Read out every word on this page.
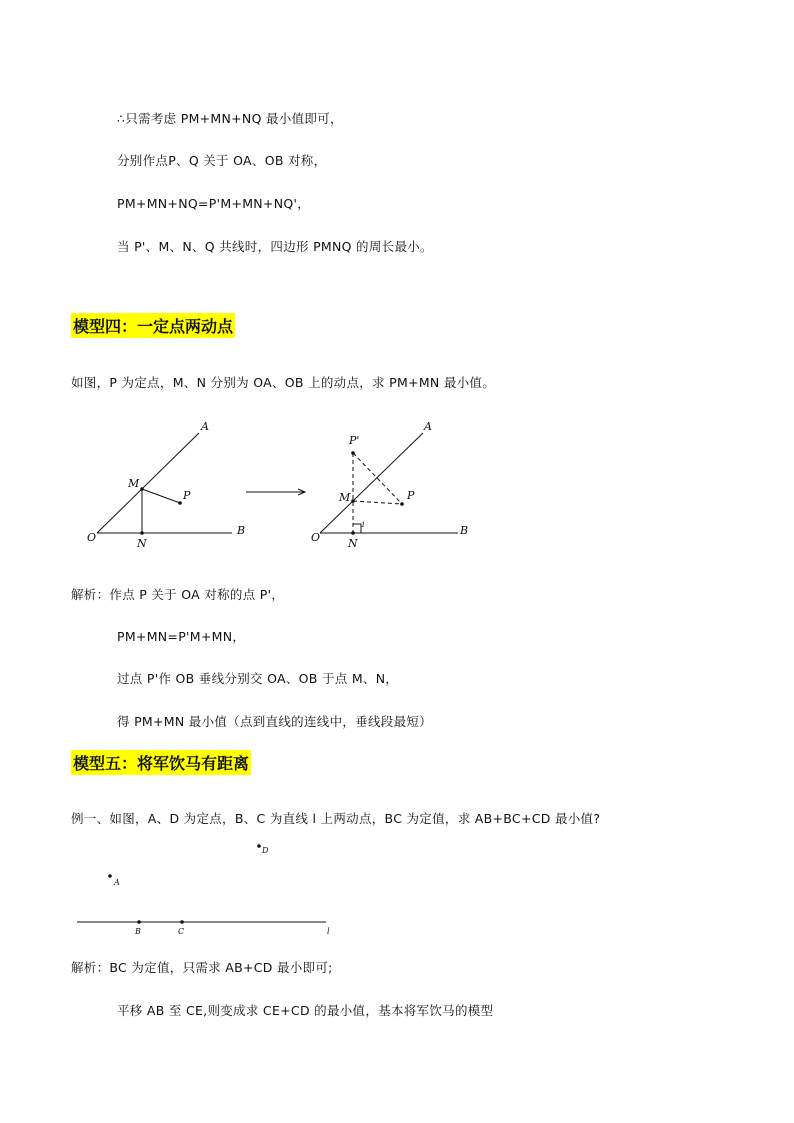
∴只需考虑 PM+MN+NQ 最小值即可，
分别作点P、Q 关于 OA、OB 对称，
PM+MN+NQ=P'M+MN+NQ'，
当 P'、M、N、Q 共线时，四边形 PMNQ 的周长最小。
模型四：一定点两动点
如图，P 为定点，M、N 分别为 OA、OB 上的动点，求 PM+MN 最小值。
A
M
P
O	N
B
P'
A
M	P
1
O	N
B
D
A
B	C	l
解析：作点 P 关于 OA 对称的点 P'，
PM+MN=P'M+MN，
过点 P'作 OB 垂线分别交 OA、OB 于点 M、N，
得 PM+MN 最小值（点到直线的连线中，垂线段最短）
模型五：将军饮马有距离
例一、如图，A、D 为定点，B、C 为直线 l 上两动点，BC 为定值，求 AB+BC+CD 最小值?
解析：BC 为定值，只需求 AB+CD 最小即可;
平移 AB 至 CE,则变成求 CE+CD 的最小值，基本将军饮马的模型
